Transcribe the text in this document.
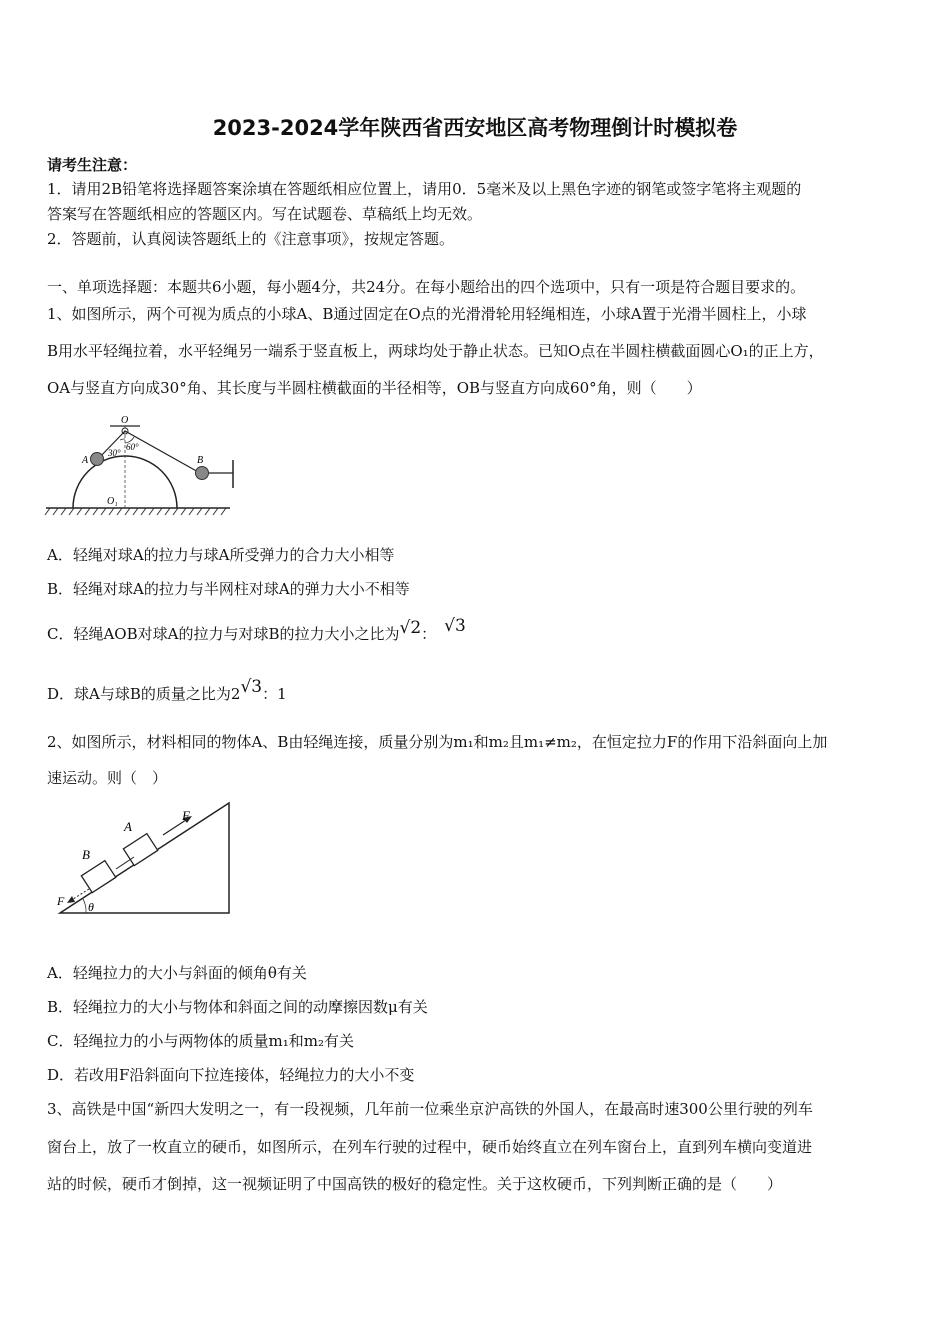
2023-2024学年陕西省西安地区高考物理倒计时模拟卷
请考生注意：
1．请用2B铅笔将选择题答案涂填在答题纸相应位置上，请用0．5毫米及以上黑色字迹的钢笔或签字笔将主观题的
答案写在答题纸相应的答题区内。写在试题卷、草稿纸上均无效。
2．答题前，认真阅读答题纸上的《注意事项》，按规定答题。
一、单项选择题：本题共6小题，每小题4分，共24分。在每小题给出的四个选项中，只有一项是符合题目要求的。
1、如图所示，两个可视为质点的小球A、B通过固定在O点的光滑滑轮用轻绳相连，小球A置于光滑半圆柱上，小球
B用水平轻绳拉着，水平轻绳另一端系于竖直板上，两球均处于静止状态。已知O点在半圆柱横截面圆心O₁的正上方，
OA与竖直方向成30°角、其长度与半圆柱横截面的半径相等，OB与竖直方向成60°角，则（　　）
O
A	B
O₁
30°
60°
A．轻绳对球A的拉力与球A所受弹力的合力大小相等
B．轻绳对球A的拉力与半网柱对球A的弹力大小不相等
C．轻绳AOB对球A的拉力与对球B的拉力大小之比为√2： √3
D．球A与球B的质量之比为2√3：1
2、如图所示，材料相同的物体A、B由轻绳连接，质量分别为m₁和m₂且m₁≠m₂，在恒定拉力F的作用下沿斜面向上加
速运动。则（　）
A
B
F
F θ
A．轻绳拉力的大小与斜面的倾角θ有关
B．轻绳拉力的大小与物体和斜面之间的动摩擦因数μ有关
C．轻绳拉力的小与两物体的质量m₁和m₂有关
D．若改用F沿斜面向下拉连接体，轻绳拉力的大小不变
3、高铁是中国“新四大发明之一，有一段视频，几年前一位乘坐京沪高铁的外国人，在最高时速300公里行驶的列车
窗台上，放了一枚直立的硬币，如图所示，在列车行驶的过程中，硬币始终直立在列车窗台上，直到列车横向变道进
站的时候，硬币才倒掉，这一视频证明了中国高铁的极好的稳定性。关于这枚硬币，下列判断正确的是（　　）
